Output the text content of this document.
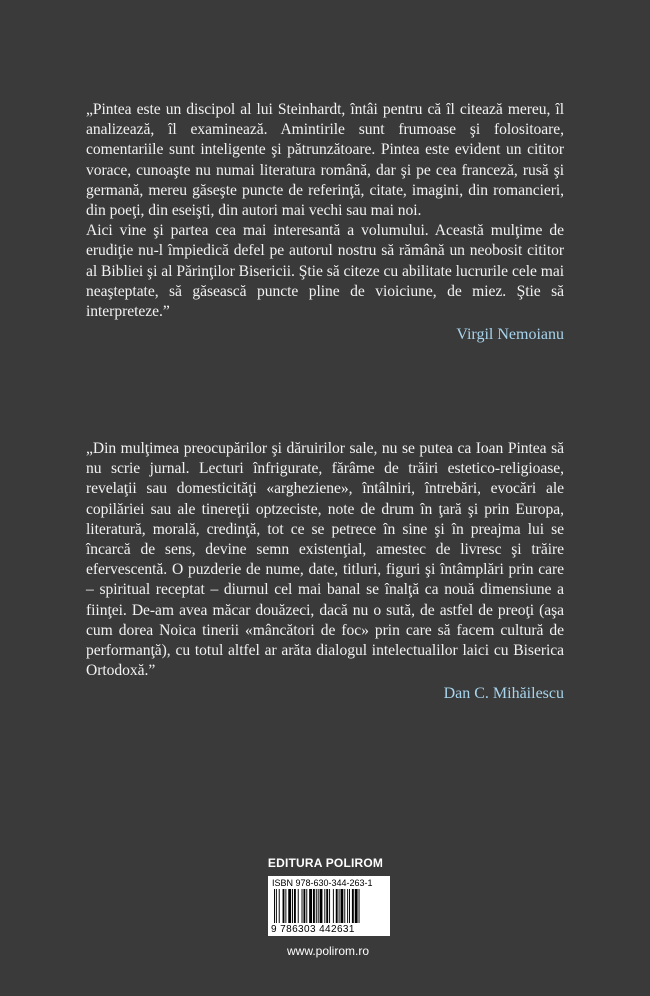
„Pintea este un discipol al lui Steinhardt, întâi pentru că îl citează mereu, îl analizează, îl examinează. Amintirile sunt frumoase şi folositoare, comentariile sunt inteligente şi pătrunzătoare. Pintea este evident un cititor vorace, cunoaşte nu numai literatura română, dar şi pe cea franceză, rusă şi germană, mereu găseşte puncte de referinţă, citate, imagini, din romancieri, din poeţi, din eseişti, din autori mai vechi sau mai noi.

Aici vine şi partea cea mai interesantă a volumului. Această mulţime de erudiţie nu-l împiedică defel pe autorul nostru să rămână un neobosit cititor al Bibliei şi al Părinţilor Bisericii. Ştie să citeze cu abilitate lucrurile cele mai neaşteptate, să găsească puncte pline de vioiciune, de miez. Ştie să interpreteze.”

Virgil Nemoianu

„Din mulţimea preocupărilor şi dăruirilor sale, nu se putea ca Ioan Pintea să nu scrie jurnal. Lecturi înfrigurate, fărâme de trăiri estetico-religioase, revelaţii sau domesticităţi «argheziene», întâlniri, întrebări, evocări ale copilăriei sau ale tinereţii optzeciste, note de drum în ţară şi prin Europa, literatură, morală, credinţă, tot ce se petrece în sine şi în preajma lui se încarcă de sens, devine semn existenţial, amestec de livresc şi trăire efervescentă. O puzderie de nume, date, titluri, figuri şi întâmplări prin care – spiritual receptat – diurnul cel mai banal se înalţă ca nouă dimensiune a fiinţei. De-am avea măcar douăzeci, dacă nu o sută, de astfel de preoţi (aşa cum dorea Noica tinerii «mâncători de foc» prin care să facem cultură de performanţă), cu totul altfel ar arăta dialogul intelectualilor laici cu Biserica Ortodoxă.”

Dan C. Mihăilescu

EDITURA POLIROM
ISBN 978-630-344-263-1
9 786303 442631
www.polirom.ro
